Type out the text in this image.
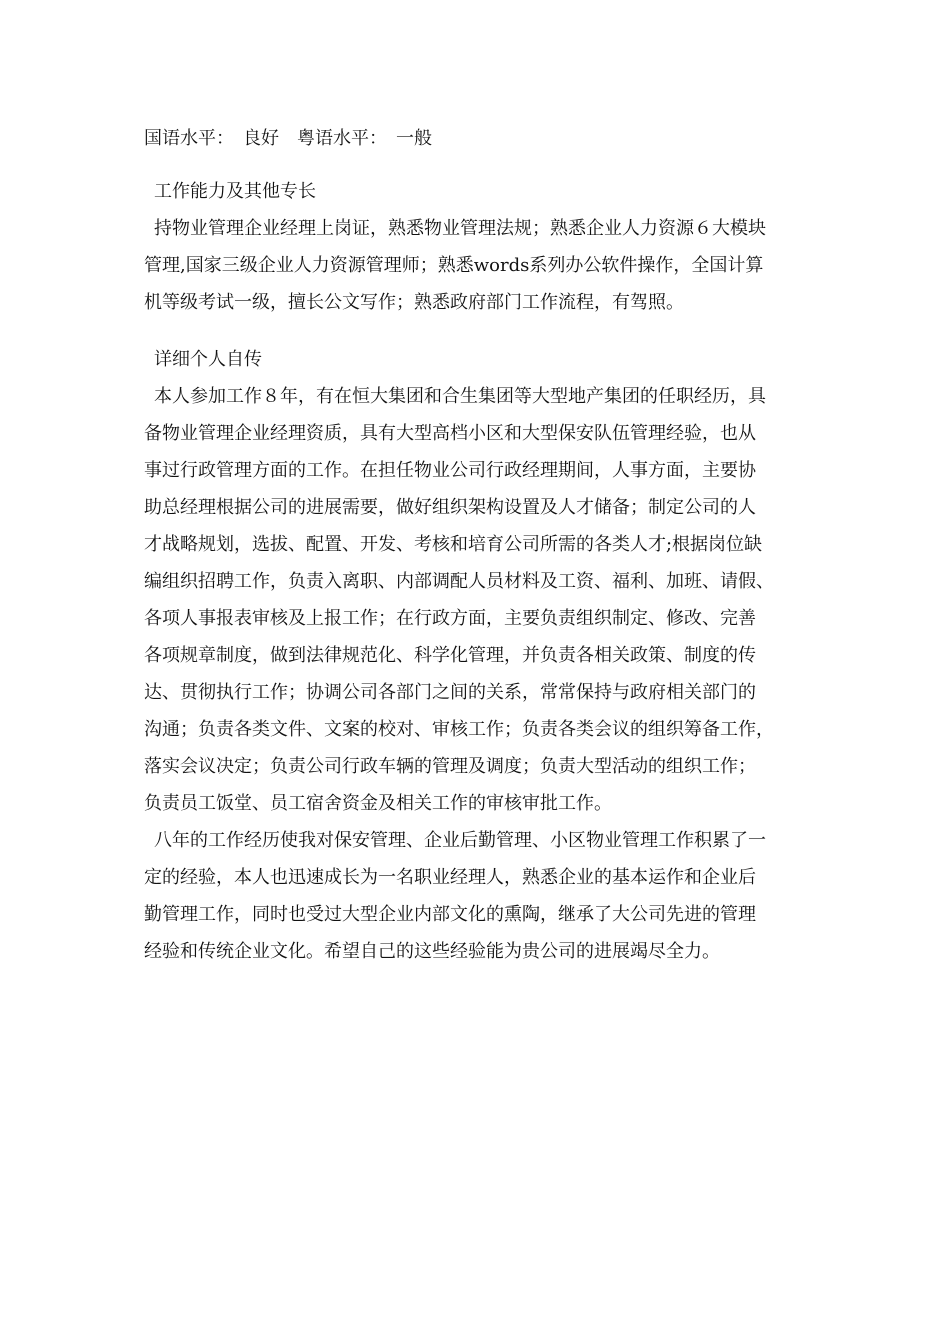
国语水平：　良好　粤语水平：　一般

工作能力及其他专长

持物业管理企业经理上岗证，熟悉物业管理法规；熟悉企业人力资源６大模块

管理,国家三级企业人力资源管理师；熟悉words系列办公软件操作，全国计算

机等级考试一级，擅长公文写作；熟悉政府部门工作流程，有驾照。

详细个人自传

本人参加工作８年，有在恒大集团和合生集团等大型地产集团的任职经历，具

备物业管理企业经理资质，具有大型高档小区和大型保安队伍管理经验，也从

事过行政管理方面的工作。在担任物业公司行政经理期间，人事方面，主要协

助总经理根据公司的进展需要，做好组织架构设置及人才储备；制定公司的人

才战略规划，选拔、配置、开发、考核和培育公司所需的各类人才;根据岗位缺

编组织招聘工作，负责入离职、内部调配人员材料及工资、福利、加班、请假、

各项人事报表审核及上报工作；在行政方面，主要负责组织制定、修改、完善

各项规章制度，做到法律规范化、科学化管理，并负责各相关政策、制度的传

达、贯彻执行工作；协调公司各部门之间的关系，常常保持与政府相关部门的

沟通；负责各类文件、文案的校对、审核工作；负责各类会议的组织筹备工作，

落实会议决定；负责公司行政车辆的管理及调度；负责大型活动的组织工作；

负责员工饭堂、员工宿舍资金及相关工作的审核审批工作。

八年的工作经历使我对保安管理、企业后勤管理、小区物业管理工作积累了一

定的经验，本人也迅速成长为一名职业经理人，熟悉企业的基本运作和企业后

勤管理工作，同时也受过大型企业内部文化的熏陶，继承了大公司先进的管理

经验和传统企业文化。希望自己的这些经验能为贵公司的进展竭尽全力。
